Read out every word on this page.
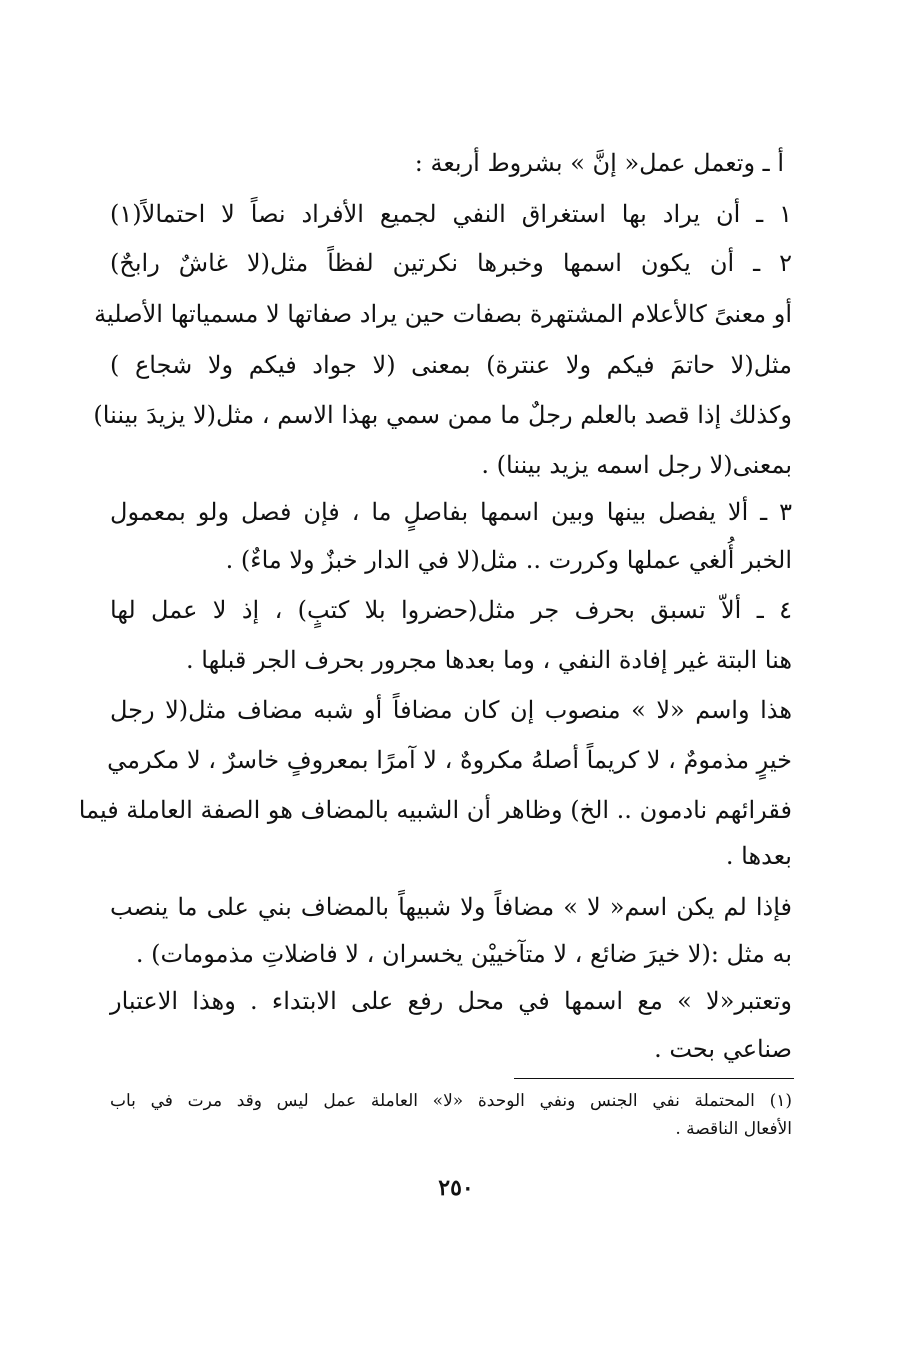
أ ـ وتعمل عمل« إنَّ » بشروط أربعة :
١ ـ أن يراد بها استغراق النفي لجميع الأفراد نصاً لا احتمالاً(١)
٢ ـ أن يكون اسمها وخبرها نكرتين لفظاً مثل(لا غاشٌ رابحٌ)
أو معنىً كالأعلام المشتهرة بصفات حين يراد صفاتها لا مسمياتها الأصلية
مثل(لا حاتمَ فيكم ولا عنترة) بمعنى (لا جواد فيكم ولا شجاع )
وكذلك إذا قصد بالعلم رجلٌ ما ممن سمي بهذا الاسم ، مثل(لا يزيدَ بيننا)
بمعنى(لا رجل اسمه يزيد بيننا) .
٣ ـ ألا يفصل بينها وبين اسمها بفاصلٍ ما ، فإن فصل ولو بمعمول
الخبر أُلغي عملها وكررت .. مثل(لا في الدار خبزٌ ولا ماءٌ) .
٤ ـ ألاّ تسبق بحرف جر مثل(حضروا بلا كتبٍ) ، إذ لا عمل لها
هنا البتة غير إفادة النفي ، وما بعدها مجرور بحرف الجر قبلها .
هذا واسم «لا » منصوب إن كان مضافاً أو شبه مضاف مثل(لا رجل
خيرٍ مذمومٌ ، لا كريماً أصلهُ مكروهٌ ، لا آمرًا بمعروفٍ خاسرٌ ، لا مكرمي
فقرائهم نادمون .. الخ) وظاهر أن الشبيه بالمضاف هو الصفة العاملة فيما
بعدها .
فإذا لم يكن اسم« لا » مضافاً ولا شبيهاً بالمضاف بني على ما ينصب
به مثل :(لا خيرَ ضائع ، لا متآخييْن يخسران ، لا فاضلاتِ مذمومات) .
وتعتبر«لا » مع اسمها في محل رفع على الابتداء . وهذا الاعتبار
صناعي بحت .
(١) المحتملة نفي الجنس ونفي الوحدة «لا» العاملة عمل ليس وقد مرت في باب
الأفعال الناقصة .
٢٥٠
